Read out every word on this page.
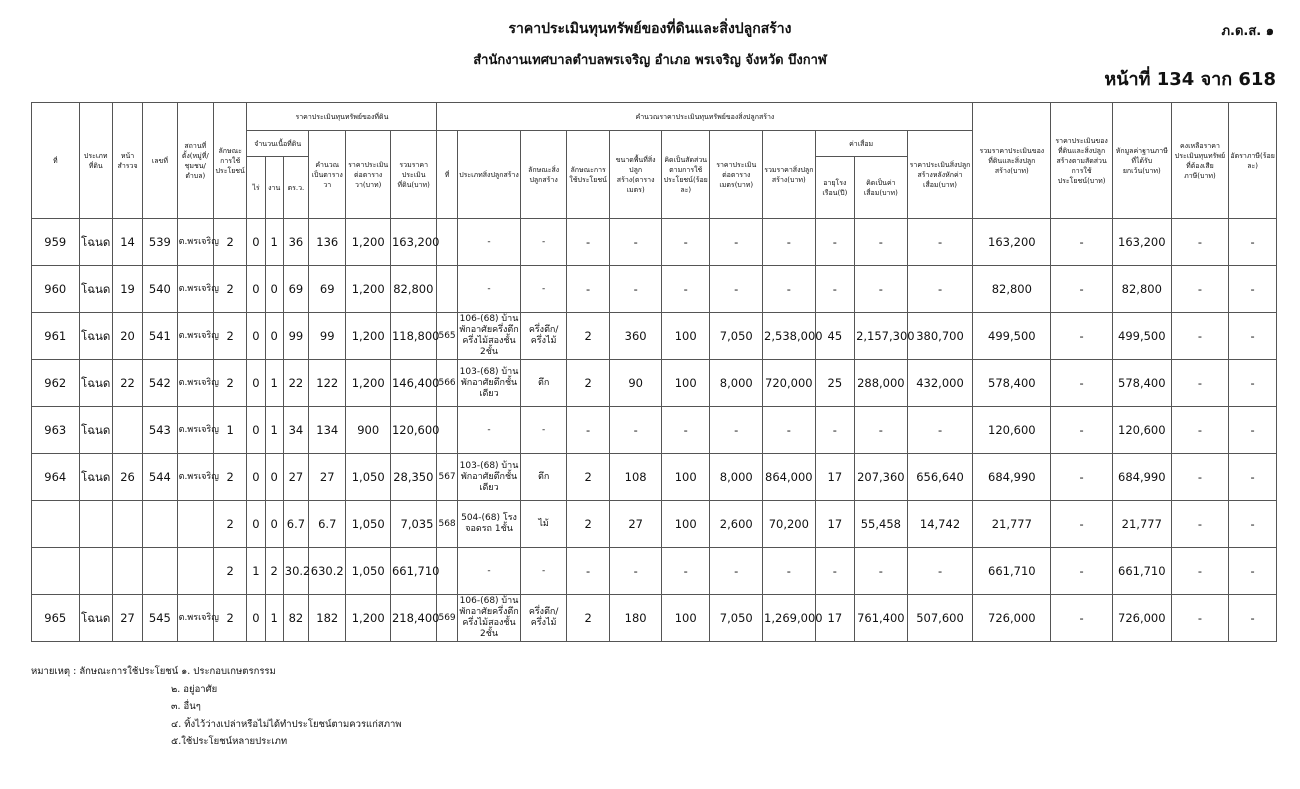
ราคาประเมินทุนทรัพย์ของที่ดินและสิ่งปลูกสร้าง
สำนักงานเทศบาลตำบลพรเจริญ อำเภอ พรเจริญ จังหวัด บึงกาฬ
ภ.ด.ส. ๑
หน้าที่ 134 จาก 618
ที่	ประเภทที่ดิน	หน้าสำรวจ	เลขที่	สถานที่ตั้ง(หมู่ที่/ชุมชน/ตำบล)	ลักษณะการใช้ประโยชน์	ราคาประเมินทุนทรัพย์ของที่ดิน						คำนวณราคาประเมินทุนทรัพย์ของสิ่งปลูกสร้าง											รวมราคาประเมินของที่ดินและสิ่งปลูกสร้าง(บาท)	ราคาประเมินของที่ดินและสิ่งปลูกสร้างตามสัดส่วนการใช้ประโยชน์(บาท)	หักมูลค่าฐานภาษีที่ได้รับยกเว้น(บาท)	คงเหลือราคาประเมินทุนทรัพย์ที่ต้องเสียภาษี(บาท)	อัตราภาษี(ร้อยละ)
						จำนวนเนื้อที่ดิน			คำนวณเป็นตารางวา	ราคาประเมินต่อตารางวา(บาท)	รวมราคาประเมินที่ดิน(บาท)	ที่	ประเภทสิ่งปลูกสร้าง	ลักษณะสิ่งปลูกสร้าง	ลักษณะการใช้ประโยชน์	ขนาดพื้นที่สิ่งปลูกสร้าง(ตารางเมตร)	คิดเป็นสัดส่วนตามการใช้ประโยชน์(ร้อยละ)	ราคาประเมินต่อตารางเมตร(บาท)	รวมราคาสิ่งปลูกสร้าง(บาท)	ค่าเสื่อม		ราคาประเมินสิ่งปลูกสร้างหลังหักค่าเสื่อม(บาท)					
						ไร่	งาน	ตร.ว.												อายุโรงเรือน(ปี)	คิดเป็นค่าเสื่อม(บาท)						
959	โฉนด	14	539	ต.พรเจริญ	2	0	1	36	136	1,200	163,200		-	-	-	-	-	-	-	-	-	-	163,200	-	163,200	-	-
960	โฉนด	19	540	ต.พรเจริญ	2	0	0	69	69	1,200	82,800		-	-	-	-	-	-	-	-	-	-	82,800	-	82,800	-	-
961	โฉนด	20	541	ต.พรเจริญ	2	0	0	99	99	1,200	118,800	565	106-(68) บ้านพักอาศัยครึ่งตึกครึ่งไม้สองชั้น 2ชั้น	ครึ่งตึก/ครึ่งไม้	2	360	100	7,050	2,538,000	45	2,157,300	380,700	499,500	-	499,500	-	-
962	โฉนด	22	542	ต.พรเจริญ	2	0	1	22	122	1,200	146,400	566	103-(68) บ้านพักอาศัยตึกชั้นเดียว	ตึก	2	90	100	8,000	720,000	25	288,000	432,000	578,400	-	578,400	-	-
963	โฉนด		543	ต.พรเจริญ	1	0	1	34	134	900	120,600		-	-	-	-	-	-	-	-	-	-	120,600	-	120,600	-	-
964	โฉนด	26	544	ต.พรเจริญ	2	0	0	27	27	1,050	28,350	567	103-(68) บ้านพักอาศัยตึกชั้นเดียว	ตึก	2	108	100	8,000	864,000	17	207,360	656,640	684,990	-	684,990	-	-
					2	0	0	6.7	6.7	1,050	7,035	568	504-(68) โรงจอดรถ 1ชั้น	ไม้	2	27	100	2,600	70,200	17	55,458	14,742	21,777	-	21,777	-	-
					2	1	2	30.2	630.2	1,050	661,710		-	-	-	-	-	-	-	-	-	-	661,710	-	661,710	-	-
965	โฉนด	27	545	ต.พรเจริญ	2	0	1	82	182	1,200	218,400	569	106-(68) บ้านพักอาศัยครึ่งตึกครึ่งไม้สองชั้น 2ชั้น	ครึ่งตึก/ครึ่งไม้	2	180	100	7,050	1,269,000	17	761,400	507,600	726,000	-	726,000	-	-
หมายเหตุ : ลักษณะการใช้ประโยชน์ ๑. ประกอบเกษตรกรรม
๒. อยู่อาศัย
๓. อื่นๆ
๔. ทิ้งไว้ว่างเปล่าหรือไม่ได้ทำประโยชน์ตามควรแก่สภาพ
๕.ใช้ประโยชน์หลายประเภท
